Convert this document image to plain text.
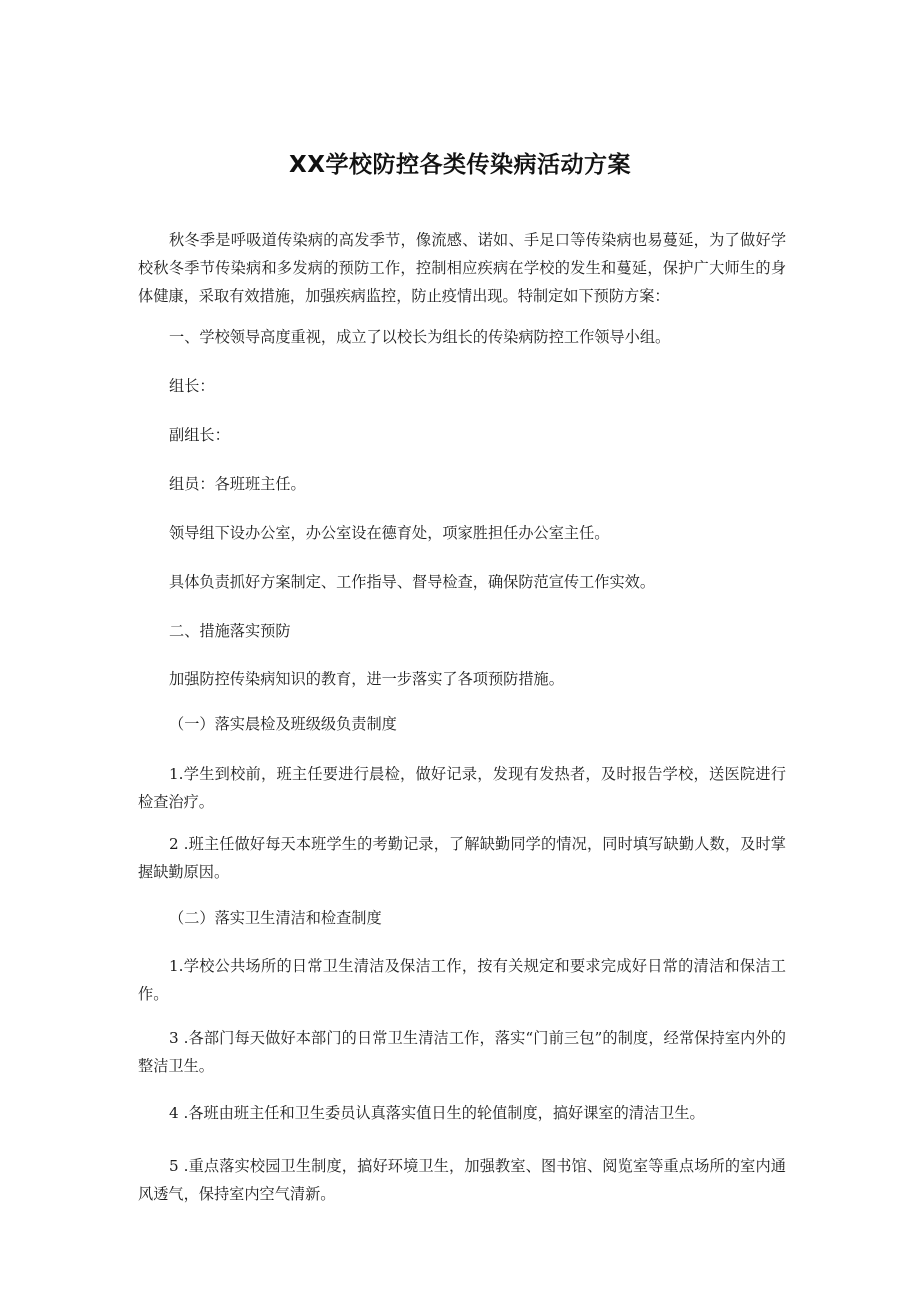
XX学校防控各类传染病活动方案

秋冬季是呼吸道传染病的高发季节，像流感、诺如、手足口等传染病也易蔓延，为了做好学校秋冬季节传染病和多发病的预防工作，控制相应疾病在学校的发生和蔓延，保护广大师生的身体健康，采取有效措施，加强疾病监控，防止疫情出现。特制定如下预防方案：

一、学校领导高度重视，成立了以校长为组长的传染病防控工作领导小组。

组长：

副组长：

组员：各班班主任。

领导组下设办公室，办公室设在德育处，项家胜担任办公室主任。

具体负责抓好方案制定、工作指导、督导检查，确保防范宣传工作实效。

二、措施落实预防

加强防控传染病知识的教育，进一步落实了各项预防措施。

（一）落实晨检及班级级负责制度

1.学生到校前，班主任要进行晨检，做好记录，发现有发热者，及时报告学校，送医院进行检查治疗。

2 .班主任做好每天本班学生的考勤记录，了解缺勤同学的情况，同时填写缺勤人数，及时掌握缺勤原因。

（二）落实卫生清洁和检查制度

1.学校公共场所的日常卫生清洁及保洁工作，按有关规定和要求完成好日常的清洁和保洁工作。

3 .各部门每天做好本部门的日常卫生清洁工作，落实“门前三包”的制度，经常保持室内外的整洁卫生。

4 .各班由班主任和卫生委员认真落实值日生的轮值制度，搞好课室的清洁卫生。

5 .重点落实校园卫生制度，搞好环境卫生，加强教室、图书馆、阅览室等重点场所的室内通风透气，保持室内空气清新。
